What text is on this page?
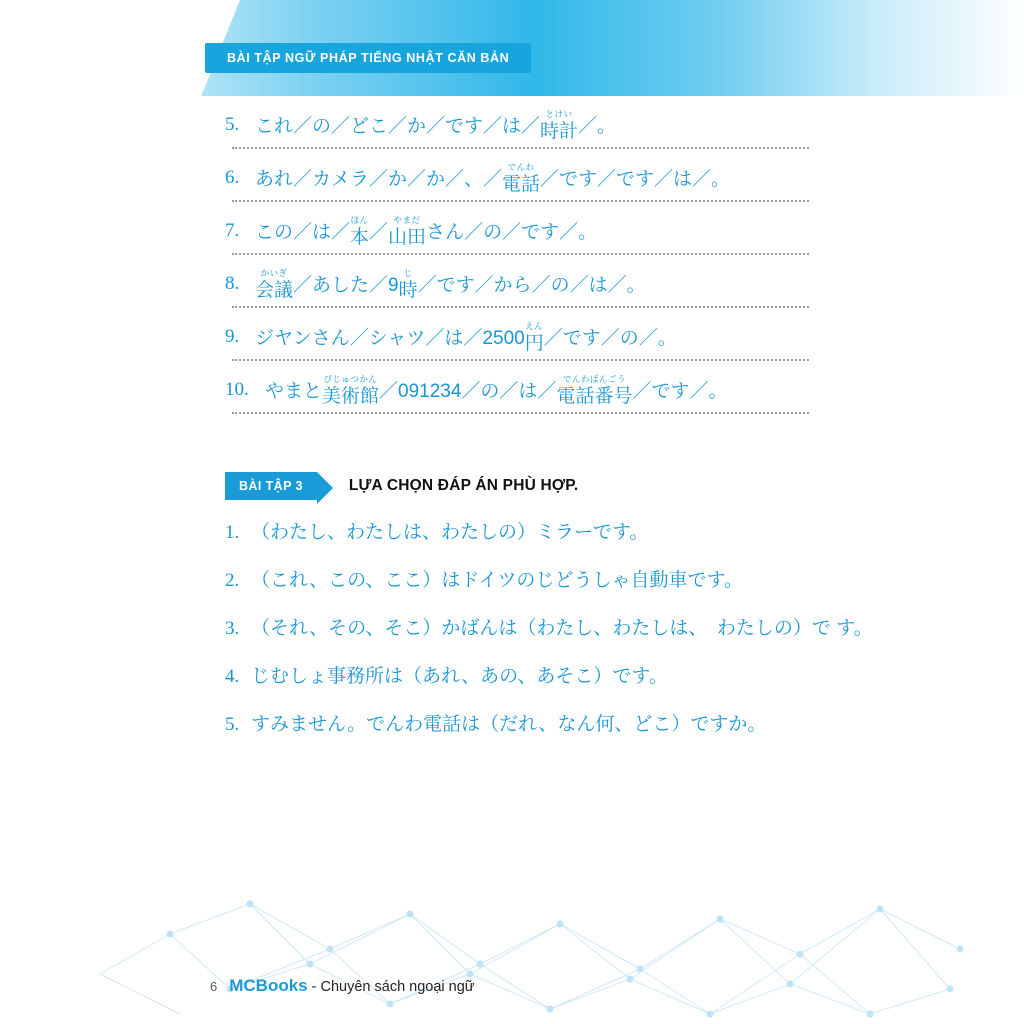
BÀI TẬP NGỮ PHÁP TIẾNG NHẬT CĂN BẢN
5. これ／の／どこ／か／です／は／
とけい
時計 ／。
6. あれ／カメラ／か／か／、／
でんわ
電話 ／です／です／は／。
7. この／は／
ほん
本 ／
やまだ
山田 さん／の／です／。
8.	かいぎ
会議 ／あした／9
じ
時 ／です／から／の／は／。
9. ジヤンさん／シャツ／は／2500
えん
円 ／です／の／。
10. やまと
びじゅつかん
美術館 ／091234／の／は／
でんわばんごう
電話番号 ／です／。
BÀI TẬP 3	LỰA CHỌN ĐÁP ÁN PHÙ HỢP.
1. （わたし、わたしは、わたしの）ミラーです。
2. （これ、この、ここ）はドイツのじどうしゃ自動車です。
3. （それ、その、そこ）かばんは（わたし、わたしは、　わたしの）で す。
4. じむしょ事務所は（あれ、あの、あそこ）です。
5. すみません。でんわ電話は（だれ、なん何、どこ）ですか。
6 MCBooks - Chuyên sách ngoại ngữ
